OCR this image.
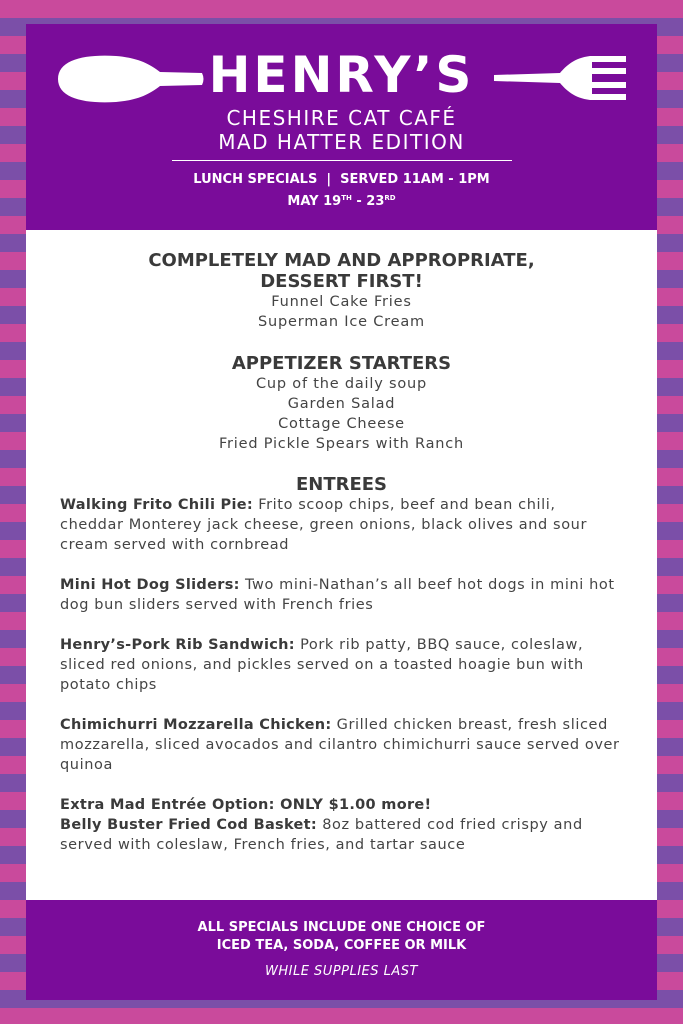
HENRY’S
CHESHIRE CAT CAFÉ
MAD HATTER EDITION
LUNCH SPECIALS  |  SERVED 11AM - 1PM
MAY 19TH - 23RD
COMPLETELY MAD AND APPROPRIATE,
DESSERT FIRST!
Funnel Cake Fries
Superman Ice Cream
APPETIZER STARTERS
Cup of the daily soup
Garden Salad
Cottage Cheese
Fried Pickle Spears with Ranch
ENTREES
Walking Frito Chili Pie: Frito scoop chips, beef and bean chili, cheddar Monterey jack cheese, green onions, black olives and sour cream served with cornbread
Mini Hot Dog Sliders: Two mini-Nathan’s all beef hot dogs in mini hot dog bun sliders served with French fries
Henry’s-Pork Rib Sandwich: Pork rib patty, BBQ sauce, coleslaw, sliced red onions, and pickles served on a toasted hoagie bun with potato chips
Chimichurri Mozzarella Chicken: Grilled chicken breast, fresh sliced mozzarella, sliced avocados and cilantro chimichurri sauce served over quinoa
Extra Mad Entrée Option: ONLY $1.00 more!
Belly Buster Fried Cod Basket: 8oz battered cod fried crispy and served with coleslaw, French fries, and tartar sauce
ALL SPECIALS INCLUDE ONE CHOICE OF
ICED TEA, SODA, COFFEE OR MILK
WHILE SUPPLIES LAST
